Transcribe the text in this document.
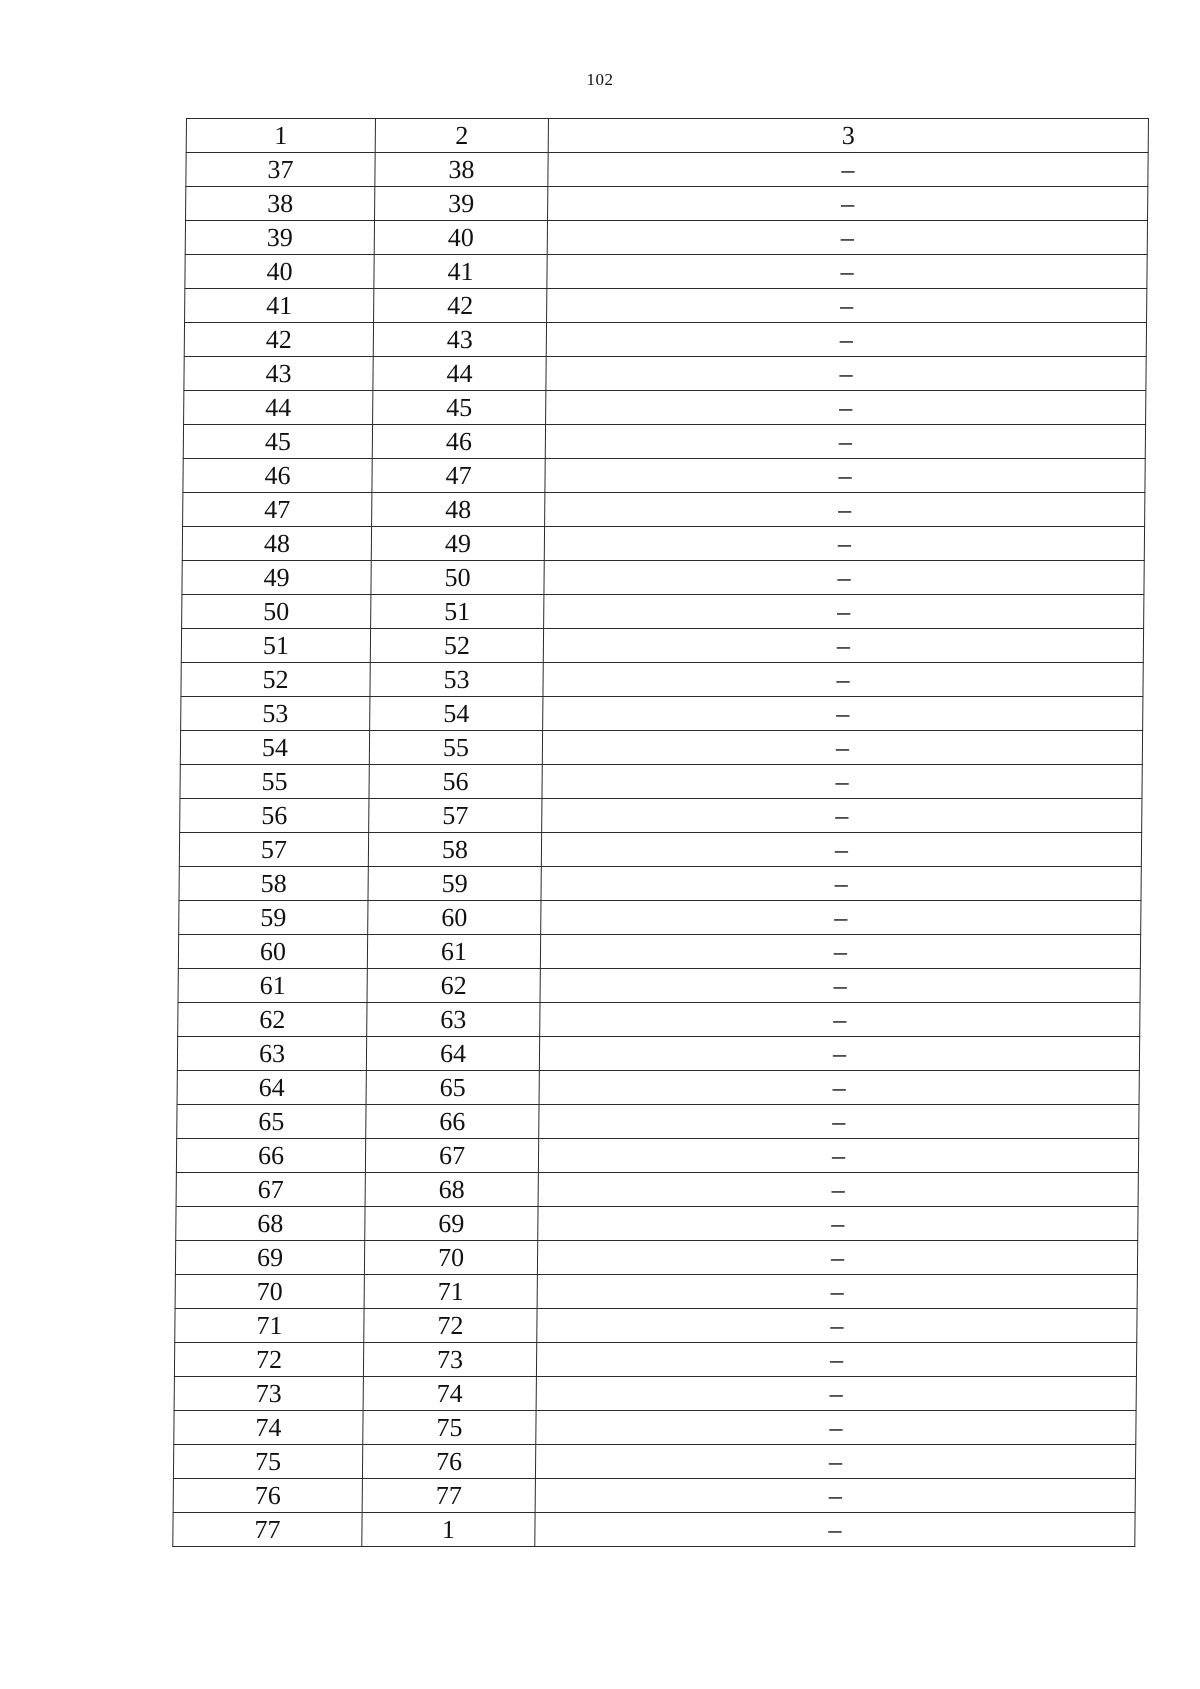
102
1	2	3
37	38	–
38	39	–
39	40	–
40	41	–
41	42	–
42	43	–
43	44	–
44	45	–
45	46	–
46	47	–
47	48	–
48	49	–
49	50	–
50	51	–
51	52	–
52	53	–
53	54	–
54	55	–
55	56	–
56	57	–
57	58	–
58	59	–
59	60	–
60	61	–
61	62	–
62	63	–
63	64	–
64	65	–
65	66	–
66	67	–
67	68	–
68	69	–
69	70	–
70	71	–
71	72	–
72	73	–
73	74	–
74	75	–
75	76	–
76	77	–
77	1	–
